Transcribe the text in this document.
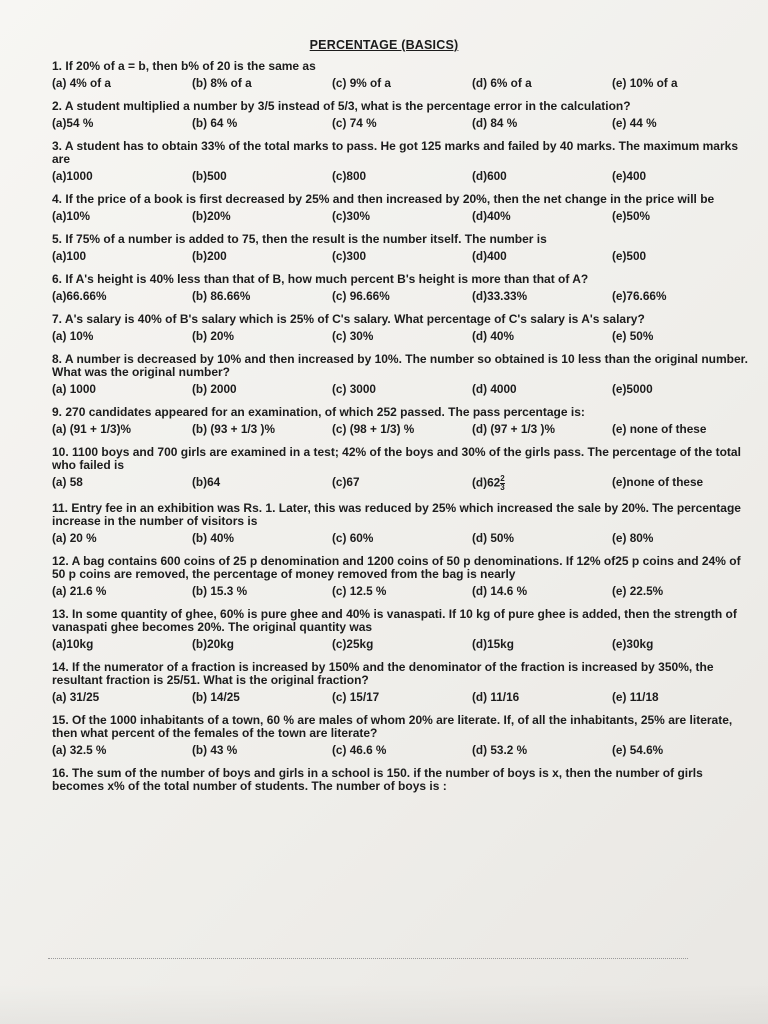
PERCENTAGE (BASICS)
1. If 20% of a = b, then b% of 20 is the same as
(a) 4% of a	(b) 8% of a	(c) 9% of a	(d) 6% of a	(e) 10% of a
2. A student multiplied a number by 3/5 instead of 5/3, what is the percentage error in the calculation?
(a)54 %	(b) 64 %	(c) 74 %	(d) 84 %	(e) 44 %
3. A student has to obtain 33% of the total marks to pass. He got 125 marks and failed by 40 marks. The maximum marks are
(a)1000	(b)500	(c)800	(d)600	(e)400
4. If the price of a book is first decreased by 25% and then increased by 20%, then the net change in the price will be
(a)10%	(b)20%	(c)30%	(d)40%	(e)50%
5. If 75% of a number is added to 75, then the result is the number itself. The number is
(a)100	(b)200	(c)300	(d)400	(e)500
6. If A's height is 40% less than that of B, how much percent B's height is more than that of A?
(a)66.66%	(b) 86.66%	(c) 96.66%	(d)33.33%	(e)76.66%
7. A's salary is 40% of B's salary which is 25% of C's salary. What percentage of C's salary is A's salary?
(a) 10%	(b) 20%	(c) 30%	(d) 40%	(e) 50%
8. A number is decreased by 10% and then increased by 10%. The number so obtained is 10 less than the original number. What was the original number?
(a) 1000	(b) 2000	(c) 3000	(d) 4000	(e)5000
9. 270 candidates appeared for an examination, of which 252 passed. The pass percentage is:
(a) (91 + 1/3)%	(b) (93 + 1/3 )%	(c) (98 + 1/3) %	(d) (97 + 1/3 )%	(e) none of these
10. 1100 boys and 700 girls are examined in a test; 42% of the boys and 30% of the girls pass. The percentage of the total who failed is
(a) 58	(b)64	(c)67	$(d)62 \frac{2}{3}$	(e)none of these
11. Entry fee in an exhibition was Rs. 1. Later, this was reduced by 25% which increased the sale by 20%. The percentage increase in the number of visitors is
(a) 20 %	(b) 40%	(c) 60%	(d) 50%	(e) 80%
12. A bag contains 600 coins of 25 p denomination and 1200 coins of 50 p denominations. If 12% of25 p coins and 24% of 50 p coins are removed, the percentage of money removed from the bag is nearly
(a) 21.6 %	(b) 15.3 %	(c) 12.5 %	(d) 14.6 %	(e) 22.5%
13. In some quantity of ghee, 60% is pure ghee and 40% is vanaspati. If 10 kg of pure ghee is added, then the strength of vanaspati ghee becomes 20%. The original quantity was
(a)10kg	(b)20kg	(c)25kg	(d)15kg	(e)30kg
14. If the numerator of a fraction is increased by 150% and the denominator of the fraction is increased by 350%, the resultant fraction is 25/51. What is the original fraction?
(a) 31/25	(b) 14/25	(c) 15/17	(d) 11/16	(e) 11/18
15. Of the 1000 inhabitants of a town, 60 % are males of whom 20% are literate. If, of all the inhabitants, 25% are literate, then what percent of the females of the town are literate?
(a) 32.5 %	(b) 43 %	(c) 46.6 %	(d) 53.2 %	(e) 54.6%
16. The sum of the number of boys and girls in a school is 150. if the number of boys is x, then the number of girls becomes x% of the total number of students. The number of boys is :
